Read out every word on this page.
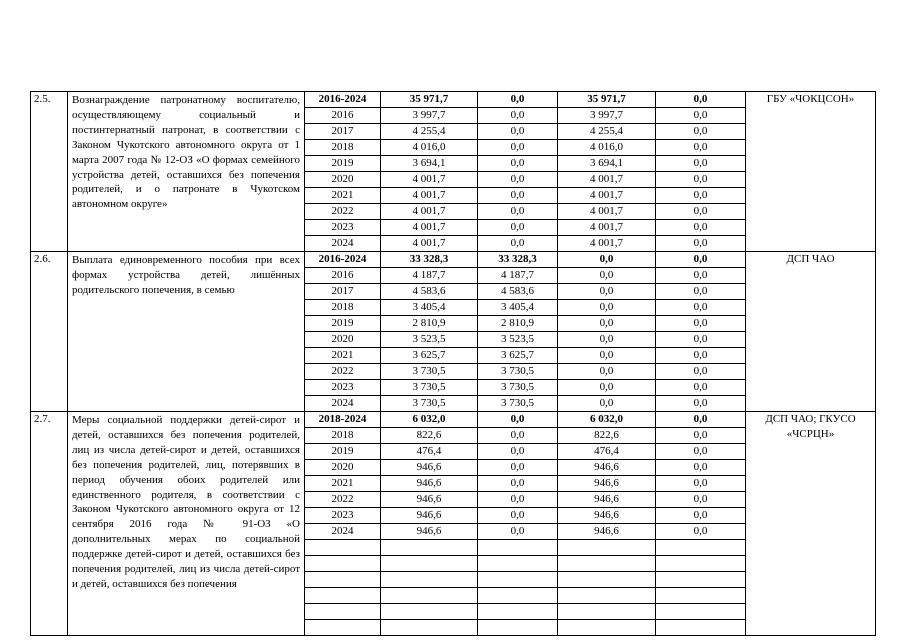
2.5.	Вознаграждение патронатному воспитателю, осуществляющему социальный и постинтернатный патронат, в соответствии с Законом Чукотского автономного округа от 1 марта 2007 года № 12-ОЗ «О формах семейного устройства детей, оставшихся без попечения родителей, и о патронате в Чукотском автономном округе»	2016-2024	35 971,7	0,0	35 971,7	0,0	ГБУ «ЧОКЦСОН»
		2016	3 997,7	0,0	3 997,7	0,0	
		2017	4 255,4	0,0	4 255,4	0,0	
		2018	4 016,0	0,0	4 016,0	0,0	
		2019	3 694,1	0,0	3 694,1	0,0	
		2020	4 001,7	0,0	4 001,7	0,0	
		2021	4 001,7	0,0	4 001,7	0,0	
		2022	4 001,7	0,0	4 001,7	0,0	
		2023	4 001,7	0,0	4 001,7	0,0	
		2024	4 001,7	0,0	4 001,7	0,0	
2.6.	Выплата единовременного пособия при всех формах устройства детей, лишённых родительского попечения, в семью	2016-2024	33 328,3	33 328,3	0,0	0,0	ДСП ЧАО
		2016	4 187,7	4 187,7	0,0	0,0	
		2017	4 583,6	4 583,6	0,0	0,0	
		2018	3 405,4	3 405,4	0,0	0,0	
		2019	2 810,9	2 810,9	0,0	0,0	
		2020	3 523,5	3 523,5	0,0	0,0	
		2021	3 625,7	3 625,7	0,0	0,0	
		2022	3 730,5	3 730,5	0,0	0,0	
		2023	3 730,5	3 730,5	0,0	0,0	
		2024	3 730,5	3 730,5	0,0	0,0	
2.7.	Меры социальной поддержки детей-сирот и детей, оставшихся без попечения родителей, лиц из числа детей-сирот и детей, оставшихся без попечения родителей, лиц, потерявших в период обучения обоих родителей или единственного родителя, в соответствии с Законом Чукотского автономного округа от 12 сентября 2016 года № 91-ОЗ «О дополнительных мерах по социальной поддержке детей-сирот и детей, оставшихся без попечения родителей, лиц из числа детей-сирот и детей, оставшихся без попечения	2018-2024	6 032,0	0,0	6 032,0	0,0	ДСП ЧАО; ГКУСО «ЧСРЦН»
		2018	822,6	0,0	822,6	0,0	
		2019	476,4	0,0	476,4	0,0	
		2020	946,6	0,0	946,6	0,0	
		2021	946,6	0,0	946,6	0,0	
		2022	946,6	0,0	946,6	0,0	
		2023	946,6	0,0	946,6	0,0	
		2024	946,6	0,0	946,6	0,0	
